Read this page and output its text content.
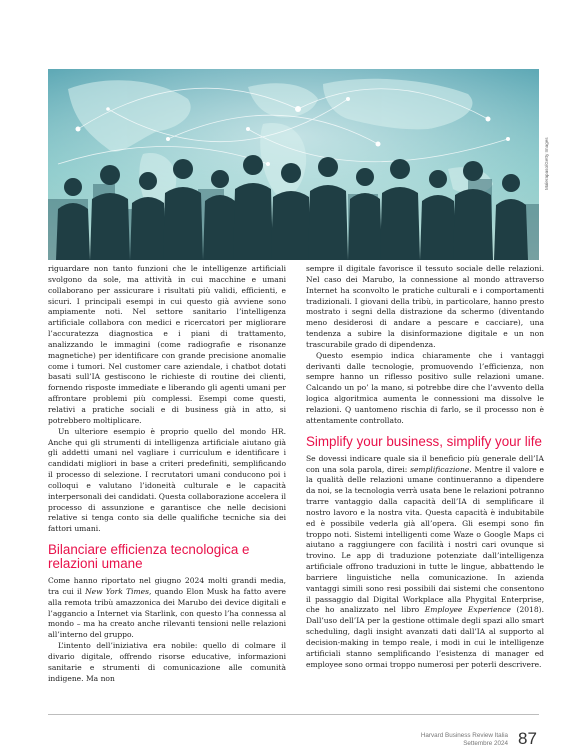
Malerapaso/Getty Images

riguardare non tanto funzioni che le intelligenze artificiali svolgono da sole, ma attività in cui macchine e umani collaborano per assicurare i risultati più validi, efficienti, e sicuri. I principali esempi in cui questo già avviene sono ampiamente noti. Nel settore sanitario l’intelligenza artificiale collabora con medici e ricercatori per migliorare l’accuratezza diagnostica e i piani di trattamento, analizzando le immagini (come radiografie e risonanze magnetiche) per identificare con grande precisione anomalie come i tumori. Nel customer care aziendale, i chatbot dotati basati sull’IA gestiscono le richieste di routine dei clienti, fornendo risposte immediate e liberando gli agenti umani per affrontare problemi più complessi. Esempi come questi, relativi a pratiche sociali e di business già in atto, si potrebbero moltiplicare.

Un ulteriore esempio è proprio quello del mondo HR. Anche qui gli strumenti di intelligenza artificiale aiutano già gli addetti umani nel vagliare i curriculum e identificare i candidati migliori in base a criteri predefiniti, semplificando il processo di selezione. I recrutatori umani conducono poi i colloqui e valutano l’idoneità culturale e le capacità interpersonali dei candidati. Questa collaborazione accelera il processo di assunzione e garantisce che nelle decisioni relative si tenga conto sia delle qualifiche tecniche sia dei fattori umani.

Bilanciare efficienza tecnologica e relazioni umane

Come hanno riportato nel giugno 2024 molti grandi media, tra cui il New York Times, quando Elon Musk ha fatto avere alla remota tribù amazzonica dei Marubo dei device digitali e l’aggancio a Internet via Starlink, con questo l’ha connessa al mondo – ma ha creato anche rilevanti tensioni nelle relazioni all’interno del gruppo.

L’intento dell’iniziativa era nobile: quello di colmare il divario digitale, offrendo risorse educative, informazioni sanitarie e strumenti di comunicazione alle comunità indigene. Ma non

sempre il digitale favorisce il tessuto sociale delle relazioni. Nel caso dei Marubo, la connessione al mondo attraverso Internet ha sconvolto le pratiche culturali e i comportamenti tradizionali. I giovani della tribù, in particolare, hanno presto mostrato i segni della distrazione da schermo (diventando meno desiderosi di andare a pescare e cacciare), una tendenza a subire la disinformazione digitale e un non trascurabile grado di dipendenza.

Questo esempio indica chiaramente che i vantaggi derivanti dalle tecnologie, promuovendo l’efficienza, non sempre hanno un riflesso positivo sulle relazioni umane. Calcando un po’ la mano, si potrebbe dire che l’avvento della logica algoritmica aumenta le connessioni ma dissolve le relazioni. Q uantomeno rischia di farlo, se il processo non è attentamente controllato.

Simplify your business, simplify your life

Se dovessi indicare quale sia il beneficio più generale dell’IA con una sola parola, direi: semplificazione. Mentre il valore e la qualità delle relazioni umane continueranno a dipendere da noi, se la tecnologia verrà usata bene le relazioni potranno trarre vantaggio dalla capacità dell’IA di semplificare il nostro lavoro e la nostra vita. Questa capacità è indubitabile ed è possibile vederla già all’opera. Gli esempi sono fin troppo noti. Sistemi intelligenti come Waze o Google Maps ci aiutano a raggiungere con facilità i nostri cari ovunque si trovino. Le app di traduzione potenziate dall’intelligenza artificiale offrono traduzioni in tutte le lingue, abbattendo le barriere linguistiche nella comunicazione. In azienda vantaggi simili sono resi possibili dai sistemi che consentono il passaggio dal Digital Workplace alla Phygital Enterprise, che ho analizzato nel libro Employee Experience (2018). Dall’uso dell’IA per la gestione ottimale degli spazi allo smart scheduling, dagli insight avanzati dati dall’IA al supporto al decision-making in tempo reale, i modi in cui le intelligenze artificiali stanno semplificando l’esistenza di manager ed employee sono ormai troppo numerosi per poterli descrivere.

Harvard Business Review Italia
Settembre 2024 87
